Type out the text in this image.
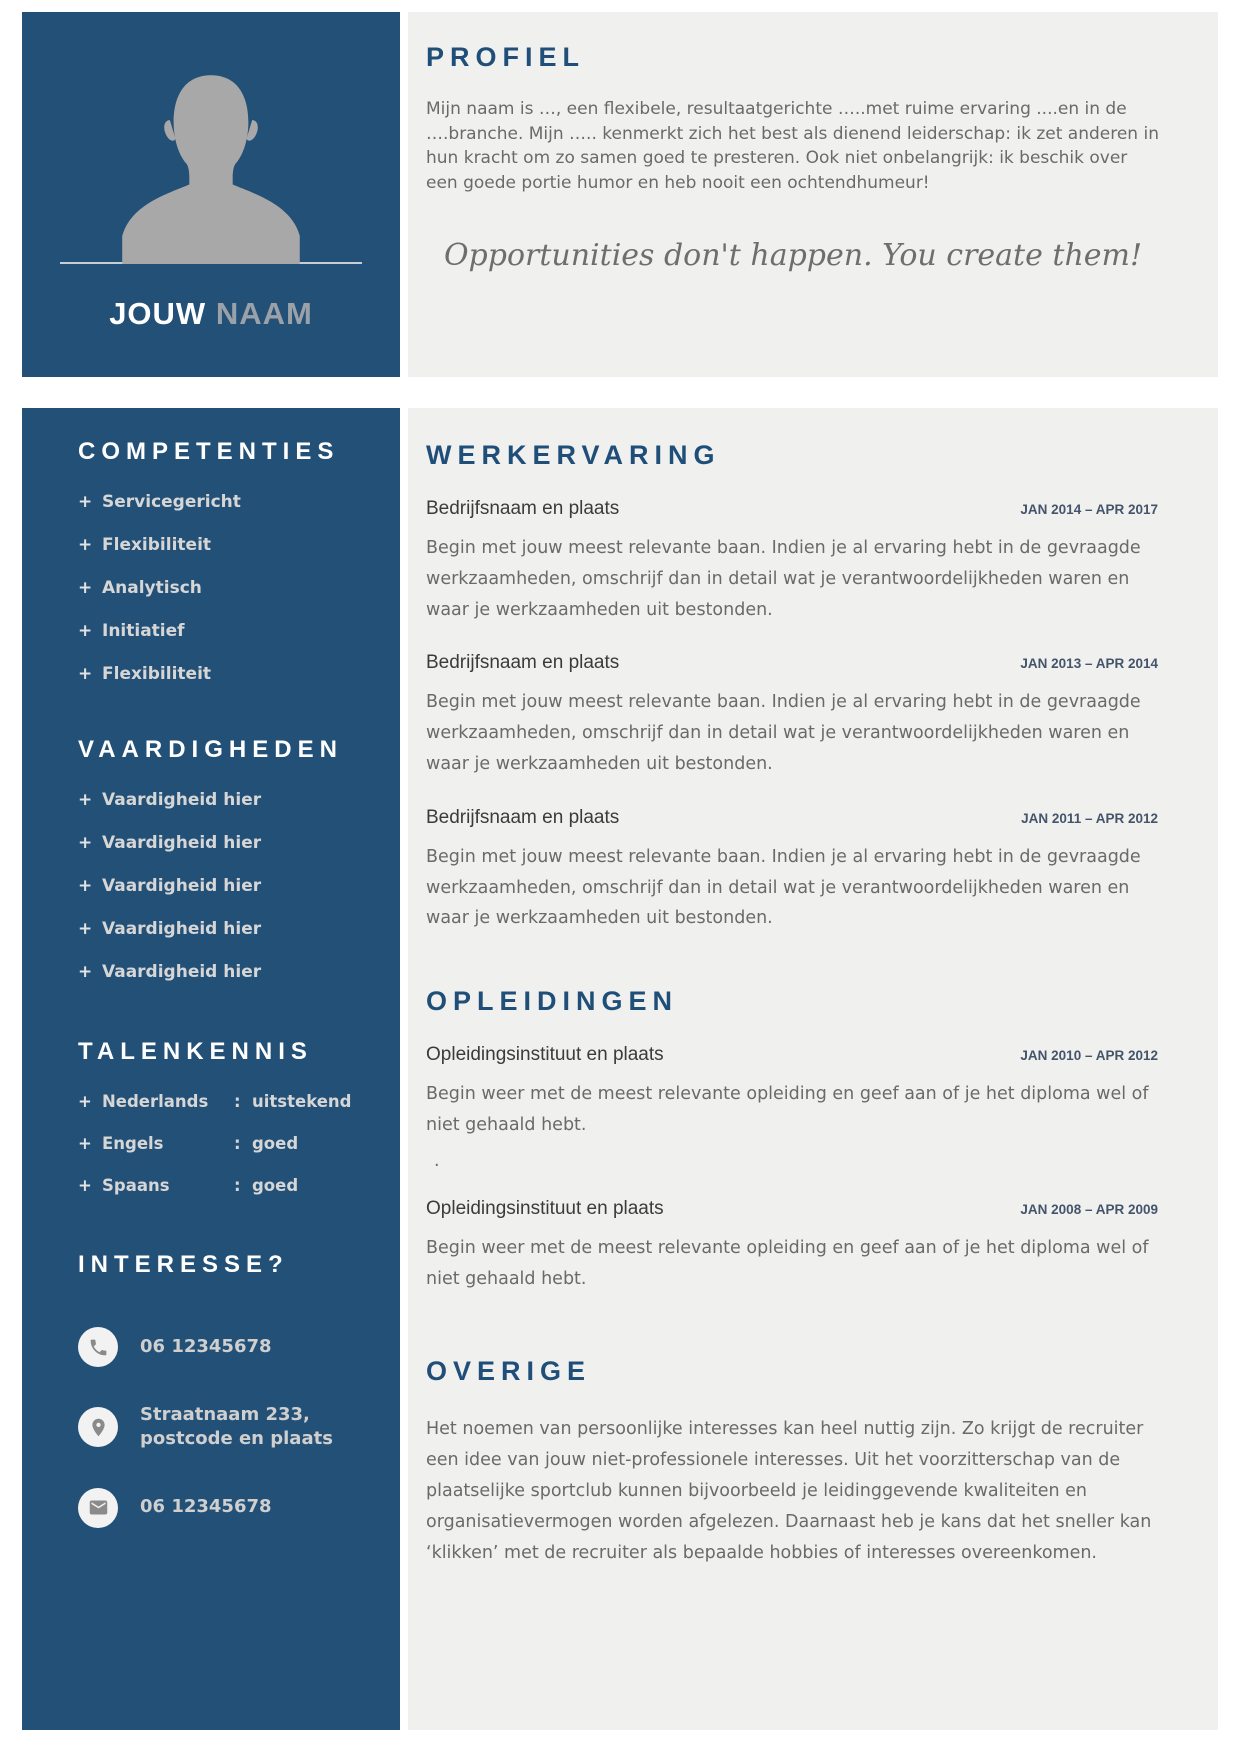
JOUW NAAM
PROFIEL

Mijn naam is …, een flexibele, resultaatgerichte …..met ruime ervaring ....en in de ….branche. Mijn ….. kenmerkt zich het best als dienend leiderschap: ik zet anderen in hun kracht om zo samen goed te presteren. Ook niet onbelangrijk: ik beschik over een goede portie humor en heb nooit een ochtendhumeur!

Opportunities don't happen. You create them!
COMPETENTIES
+ Servicegericht
+ Flexibiliteit
+ Analytisch
+ Initiatief
+ Flexibiliteit
VAARDIGHEDEN
+ Vaardigheid hier
+ Vaardigheid hier
+ Vaardigheid hier
+ Vaardigheid hier
+ Vaardigheid hier
TALENKENNIS
+ Nederlands	: uitstekend
+ Engels	: goed
+ Spaans	: goed
INTERESSE?
06 12345678
Straatnaam 233, postcode en plaats
06 12345678
WERKERVARING
Bedrijfsnaam en plaats	JAN 2014 – APR 2017

Begin met jouw meest relevante baan. Indien je al ervaring hebt in de gevraagde werkzaamheden, omschrijf dan in detail wat je verantwoordelijkheden waren en waar je werkzaamheden uit bestonden.

Bedrijfsnaam en plaats	JAN 2013 – APR 2014

Begin met jouw meest relevante baan. Indien je al ervaring hebt in de gevraagde werkzaamheden, omschrijf dan in detail wat je verantwoordelijkheden waren en waar je werkzaamheden uit bestonden.

Bedrijfsnaam en plaats	JAN 2011 – APR 2012

Begin met jouw meest relevante baan. Indien je al ervaring hebt in de gevraagde werkzaamheden, omschrijf dan in detail wat je verantwoordelijkheden waren en waar je werkzaamheden uit bestonden.

OPLEIDINGEN
Opleidingsinstituut en plaats	JAN 2010 – APR 2012

Begin weer met de meest relevante opleiding en geef aan of je het diploma wel of niet gehaald hebt.

.

Opleidingsinstituut en plaats	JAN 2008 – APR 2009

Begin weer met de meest relevante opleiding en geef aan of je het diploma wel of niet gehaald hebt.

OVERIGE

Het noemen van persoonlijke interesses kan heel nuttig zijn. Zo krijgt de recruiter een idee van jouw niet-professionele interesses. Uit het voorzitterschap van de plaatselijke sportclub kunnen bijvoorbeeld je leidinggevende kwaliteiten en organisatievermogen worden afgelezen. Daarnaast heb je kans dat het sneller kan ‘klikken’ met de recruiter als bepaalde hobbies of interesses overeenkomen.
